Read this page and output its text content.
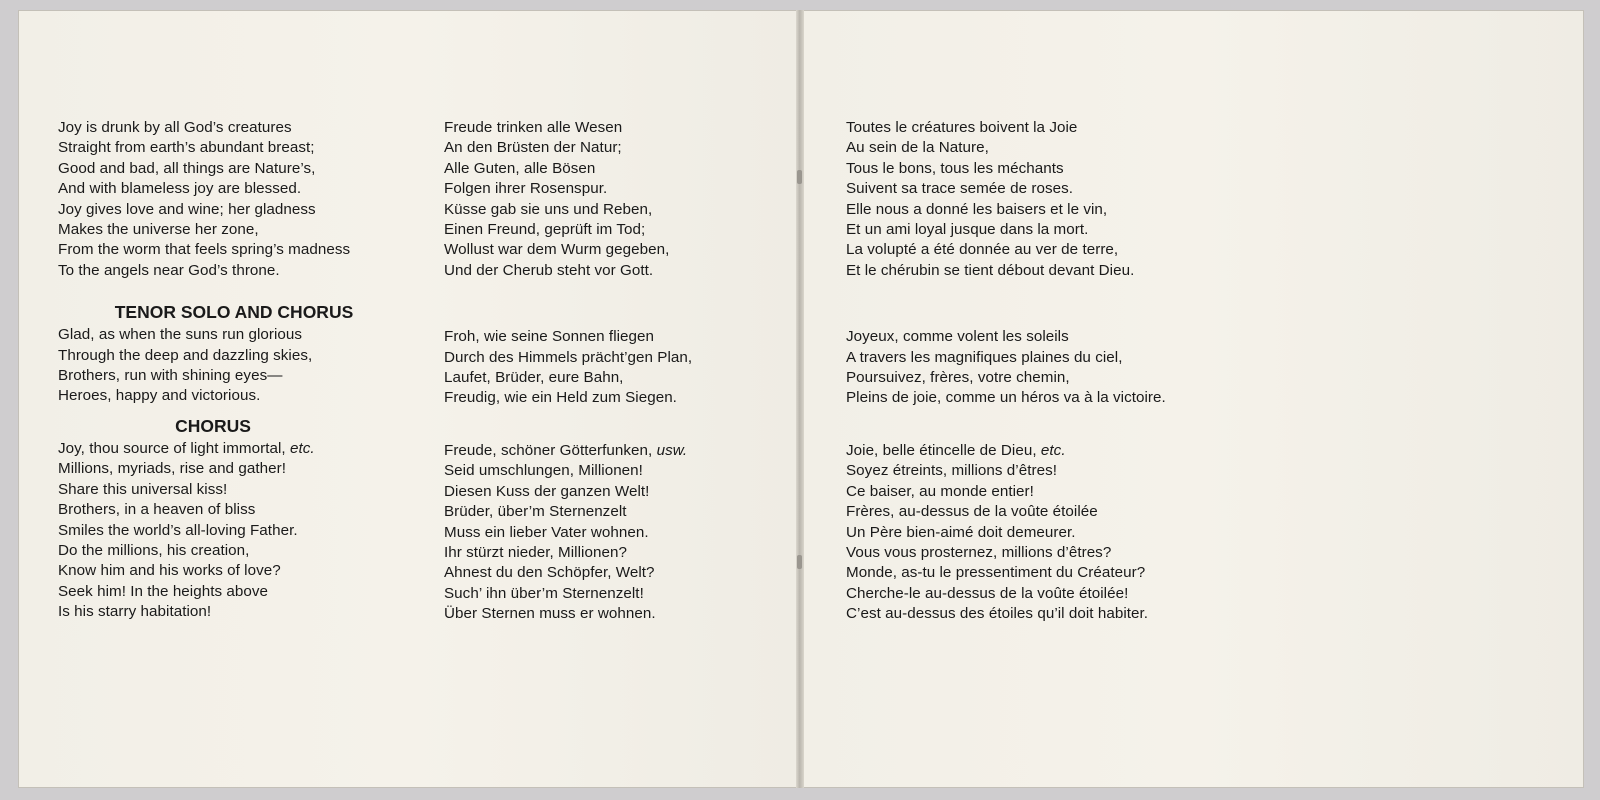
Joy is drunk by all God’s creatures
Straight from earth’s abundant breast;
Good and bad, all things are Nature’s,
And with blameless joy are blessed.
Joy gives love and wine; her gladness
Makes the universe her zone,
From the worm that feels spring’s madness
To the angels near God’s throne.
TENOR SOLO AND CHORUS
Glad, as when the suns run glorious
Through the deep and dazzling skies,
Brothers, run with shining eyes—
Heroes, happy and victorious.
CHORUS
Joy, thou source of light immortal, etc.
Millions, myriads, rise and gather!
Share this universal kiss!
Brothers, in a heaven of bliss
Smiles the world’s all-loving Father.
Do the millions, his creation,
Know him and his works of love?
Seek him! In the heights above
Is his starry habitation!
Freude trinken alle Wesen
An den Brüsten der Natur;
Alle Guten, alle Bösen
Folgen ihrer Rosenspur.
Küsse gab sie uns und Reben,
Einen Freund, geprüft im Tod;
Wollust war dem Wurm gegeben,
Und der Cherub steht vor Gott.
Froh, wie seine Sonnen fliegen
Durch des Himmels prächt’gen Plan,
Laufet, Brüder, eure Bahn,
Freudig, wie ein Held zum Siegen.
Freude, schöner Götterfunken, usw.
Seid umschlungen, Millionen!
Diesen Kuss der ganzen Welt!
Brüder, über’m Sternenzelt
Muss ein lieber Vater wohnen.
Ihr stürzt nieder, Millionen?
Ahnest du den Schöpfer, Welt?
Such’ ihn über’m Sternenzelt!
Über Sternen muss er wohnen.
Toutes le créatures boivent la Joie
Au sein de la Nature,
Tous le bons, tous les méchants
Suivent sa trace semée de roses.
Elle nous a donné les baisers et le vin,
Et un ami loyal jusque dans la mort.
La volupté a été donnée au ver de terre,
Et le chérubin se tient débout devant Dieu.
Joyeux, comme volent les soleils
A travers les magnifiques plaines du ciel,
Poursuivez, frères, votre chemin,
Pleins de joie, comme un héros va à la victoire.
Joie, belle étincelle de Dieu, etc.
Soyez étreints, millions d’êtres!
Ce baiser, au monde entier!
Frères, au-dessus de la voûte étoilée
Un Père bien-aimé doit demeurer.
Vous vous prosternez, millions d’êtres?
Monde, as-tu le pressentiment du Créateur?
Cherche-le au-dessus de la voûte étoilée!
C’est au-dessus des étoiles qu’il doit habiter.
